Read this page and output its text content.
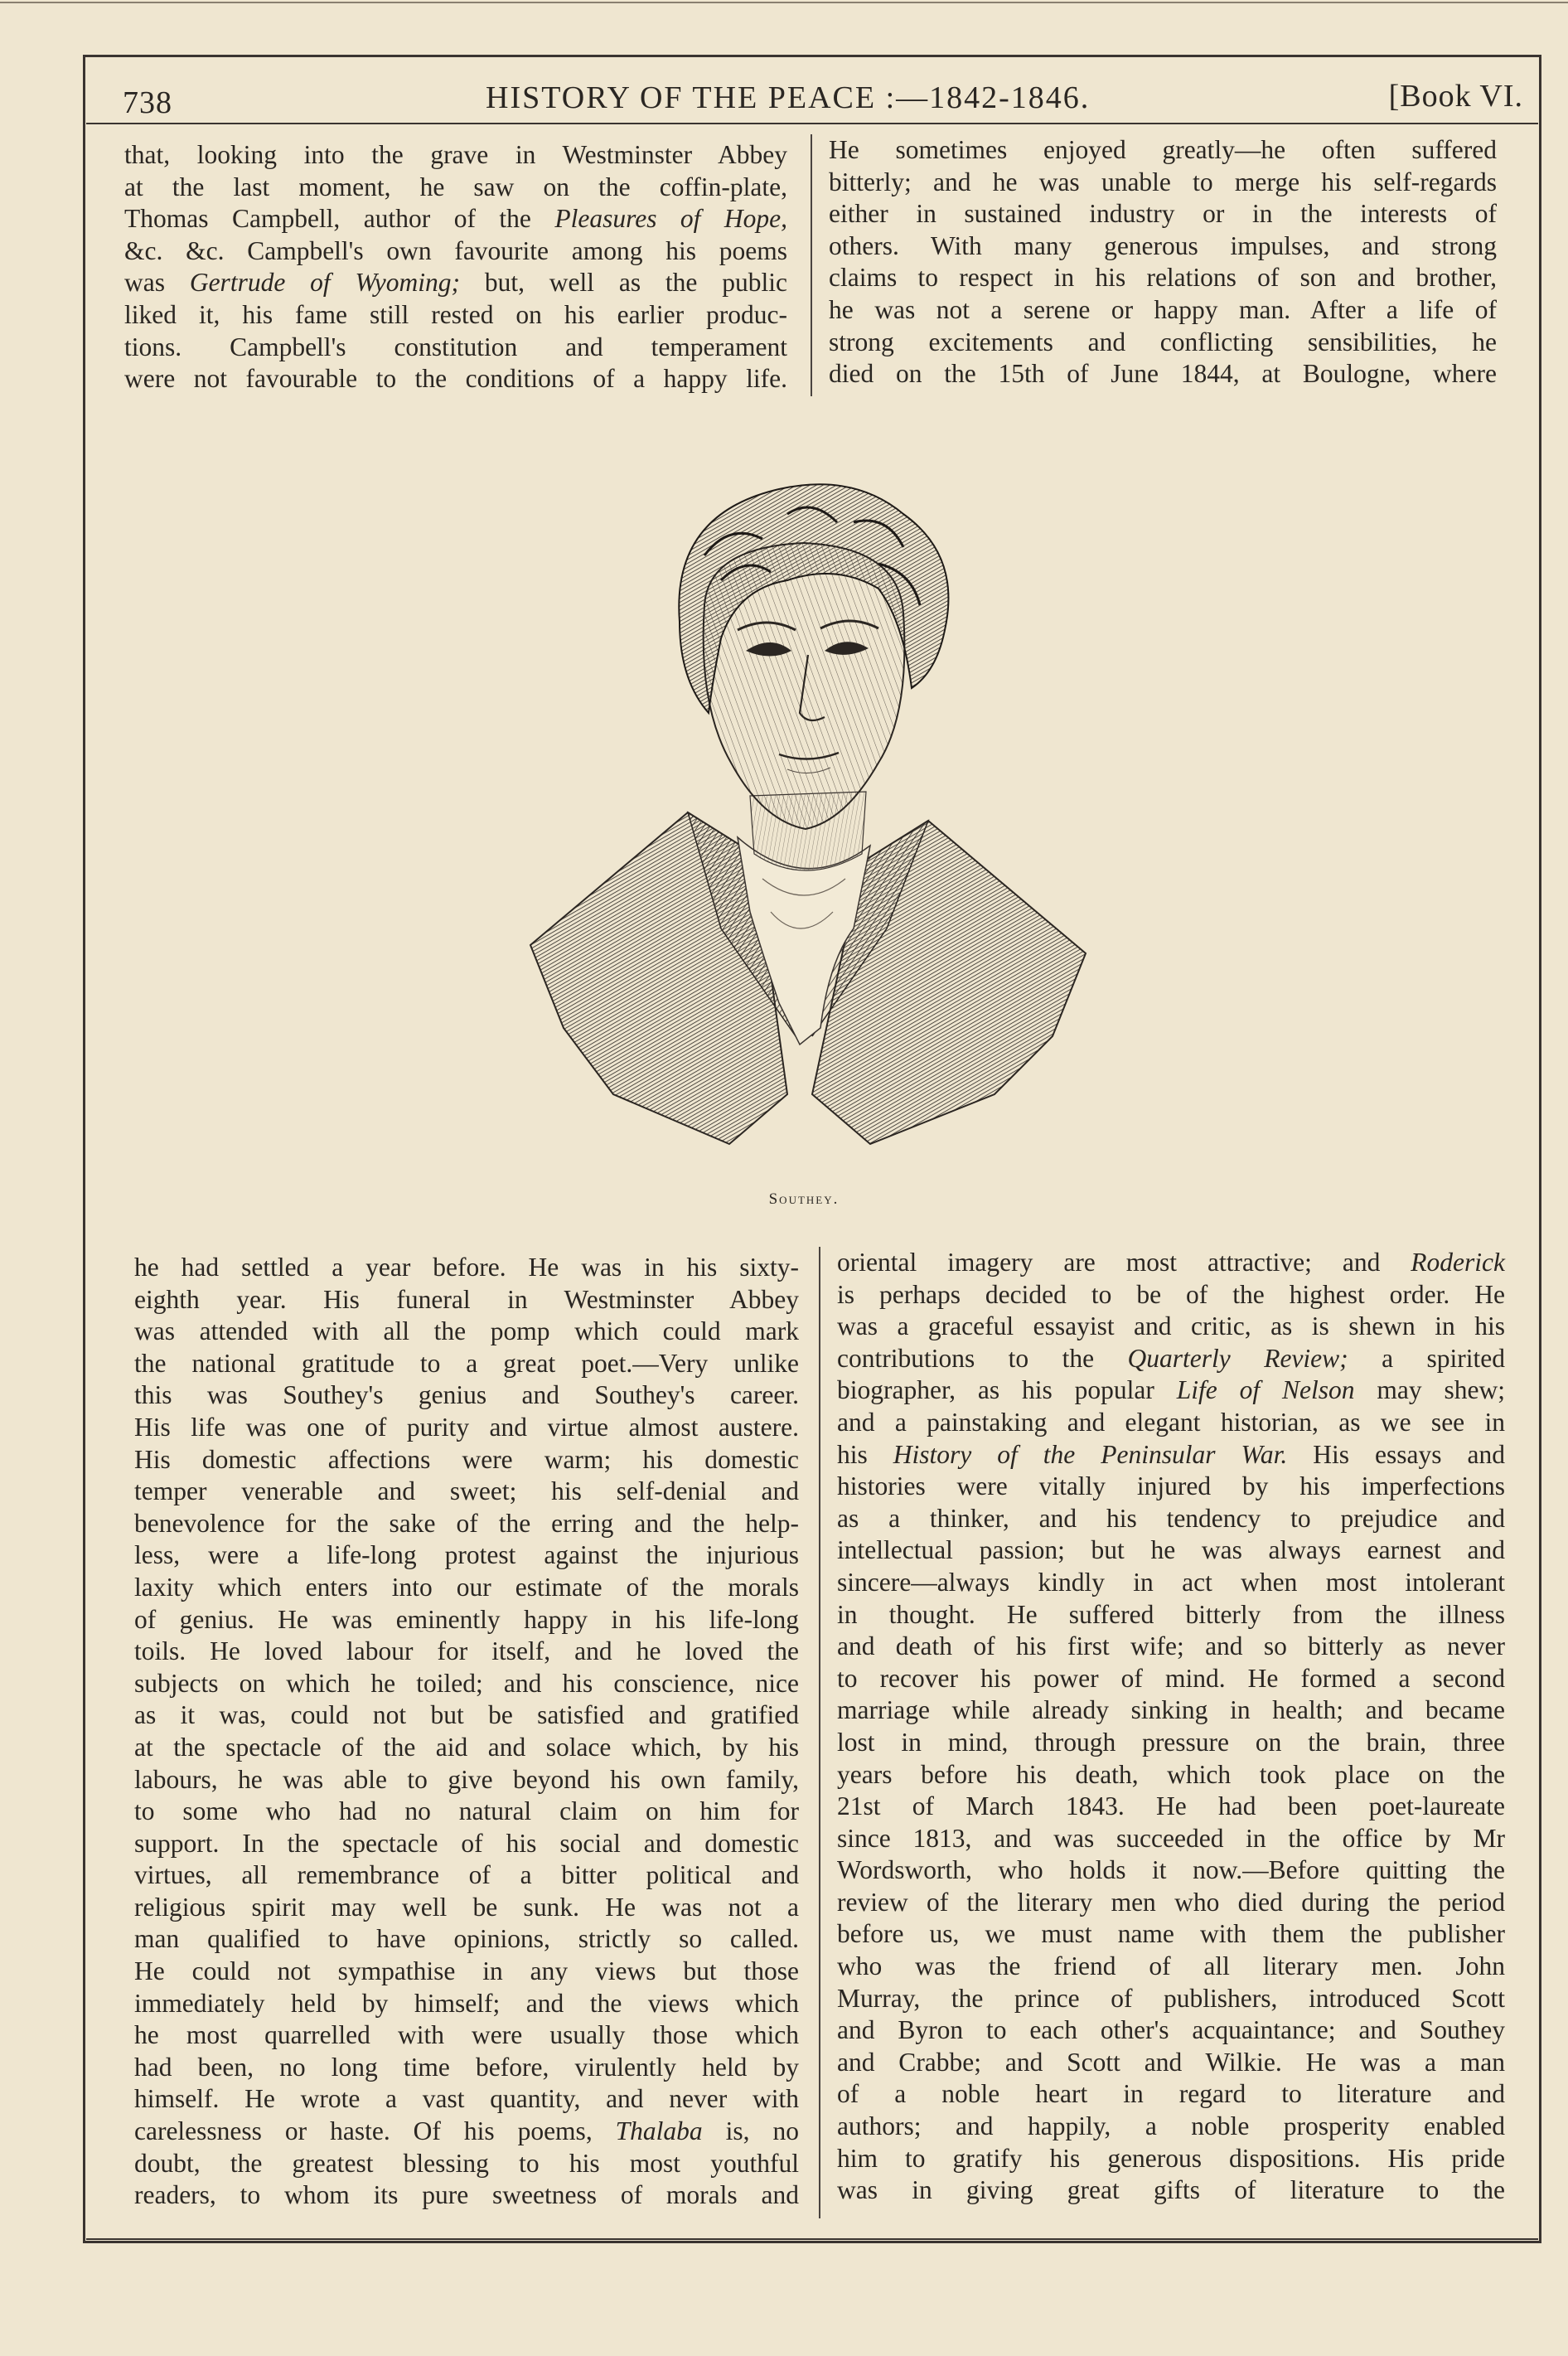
738	HISTORY OF THE PEACE :—1842-1846.	[Book VI.
that, looking into the grave in Westminster Abbey
at the last moment, he saw on the coffin-plate,
Thomas Campbell, author of the Pleasures of Hope,
&c. &c. Campbell's own favourite among his poems
was Gertrude of Wyoming; but, well as the public
liked it, his fame still rested on his earlier produc-
tions. Campbell's constitution and temperament
were not favourable to the conditions of a happy life.
He sometimes enjoyed greatly—he often suffered
bitterly; and he was unable to merge his self-regards
either in sustained industry or in the interests of
others. With many generous impulses, and strong
claims to respect in his relations of son and brother,
he was not a serene or happy man. After a life of
strong excitements and conflicting sensibilities, he
died on the 15th of June 1844, at Boulogne, where
Southey.
he had settled a year before. He was in his sixty-
eighth year. His funeral in Westminster Abbey
was attended with all the pomp which could mark
the national gratitude to a great poet.—Very unlike
this was Southey's genius and Southey's career.
His life was one of purity and virtue almost austere.
His domestic affections were warm; his domestic
temper venerable and sweet; his self-denial and
benevolence for the sake of the erring and the help-
less, were a life-long protest against the injurious
laxity which enters into our estimate of the morals
of genius. He was eminently happy in his life-long
toils. He loved labour for itself, and he loved the
subjects on which he toiled; and his conscience, nice
as it was, could not but be satisfied and gratified
at the spectacle of the aid and solace which, by his
labours, he was able to give beyond his own family,
to some who had no natural claim on him for
support. In the spectacle of his social and domestic
virtues, all remembrance of a bitter political and
religious spirit may well be sunk. He was not a
man qualified to have opinions, strictly so called.
He could not sympathise in any views but those
immediately held by himself; and the views which
he most quarrelled with were usually those which
had been, no long time before, virulently held by
himself. He wrote a vast quantity, and never with
carelessness or haste. Of his poems, Thalaba is, no
doubt, the greatest blessing to his most youthful
readers, to whom its pure sweetness of morals and
oriental imagery are most attractive; and Roderick
is perhaps decided to be of the highest order. He
was a graceful essayist and critic, as is shewn in his
contributions to the Quarterly Review; a spirited
biographer, as his popular Life of Nelson may shew;
and a painstaking and elegant historian, as we see in
his History of the Peninsular War. His essays and
histories were vitally injured by his imperfections
as a thinker, and his tendency to prejudice and
intellectual passion; but he was always earnest and
sincere—always kindly in act when most intolerant
in thought. He suffered bitterly from the illness
and death of his first wife; and so bitterly as never
to recover his power of mind. He formed a second
marriage while already sinking in health; and became
lost in mind, through pressure on the brain, three
years before his death, which took place on the
21st of March 1843. He had been poet-laureate
since 1813, and was succeeded in the office by Mr
Wordsworth, who holds it now.—Before quitting the
review of the literary men who died during the period
before us, we must name with them the publisher
who was the friend of all literary men. John
Murray, the prince of publishers, introduced Scott
and Byron to each other's acquaintance; and Southey
and Crabbe; and Scott and Wilkie. He was a man
of a noble heart in regard to literature and
authors; and happily, a noble prosperity enabled
him to gratify his generous dispositions. His pride
was in giving great gifts of literature to the
